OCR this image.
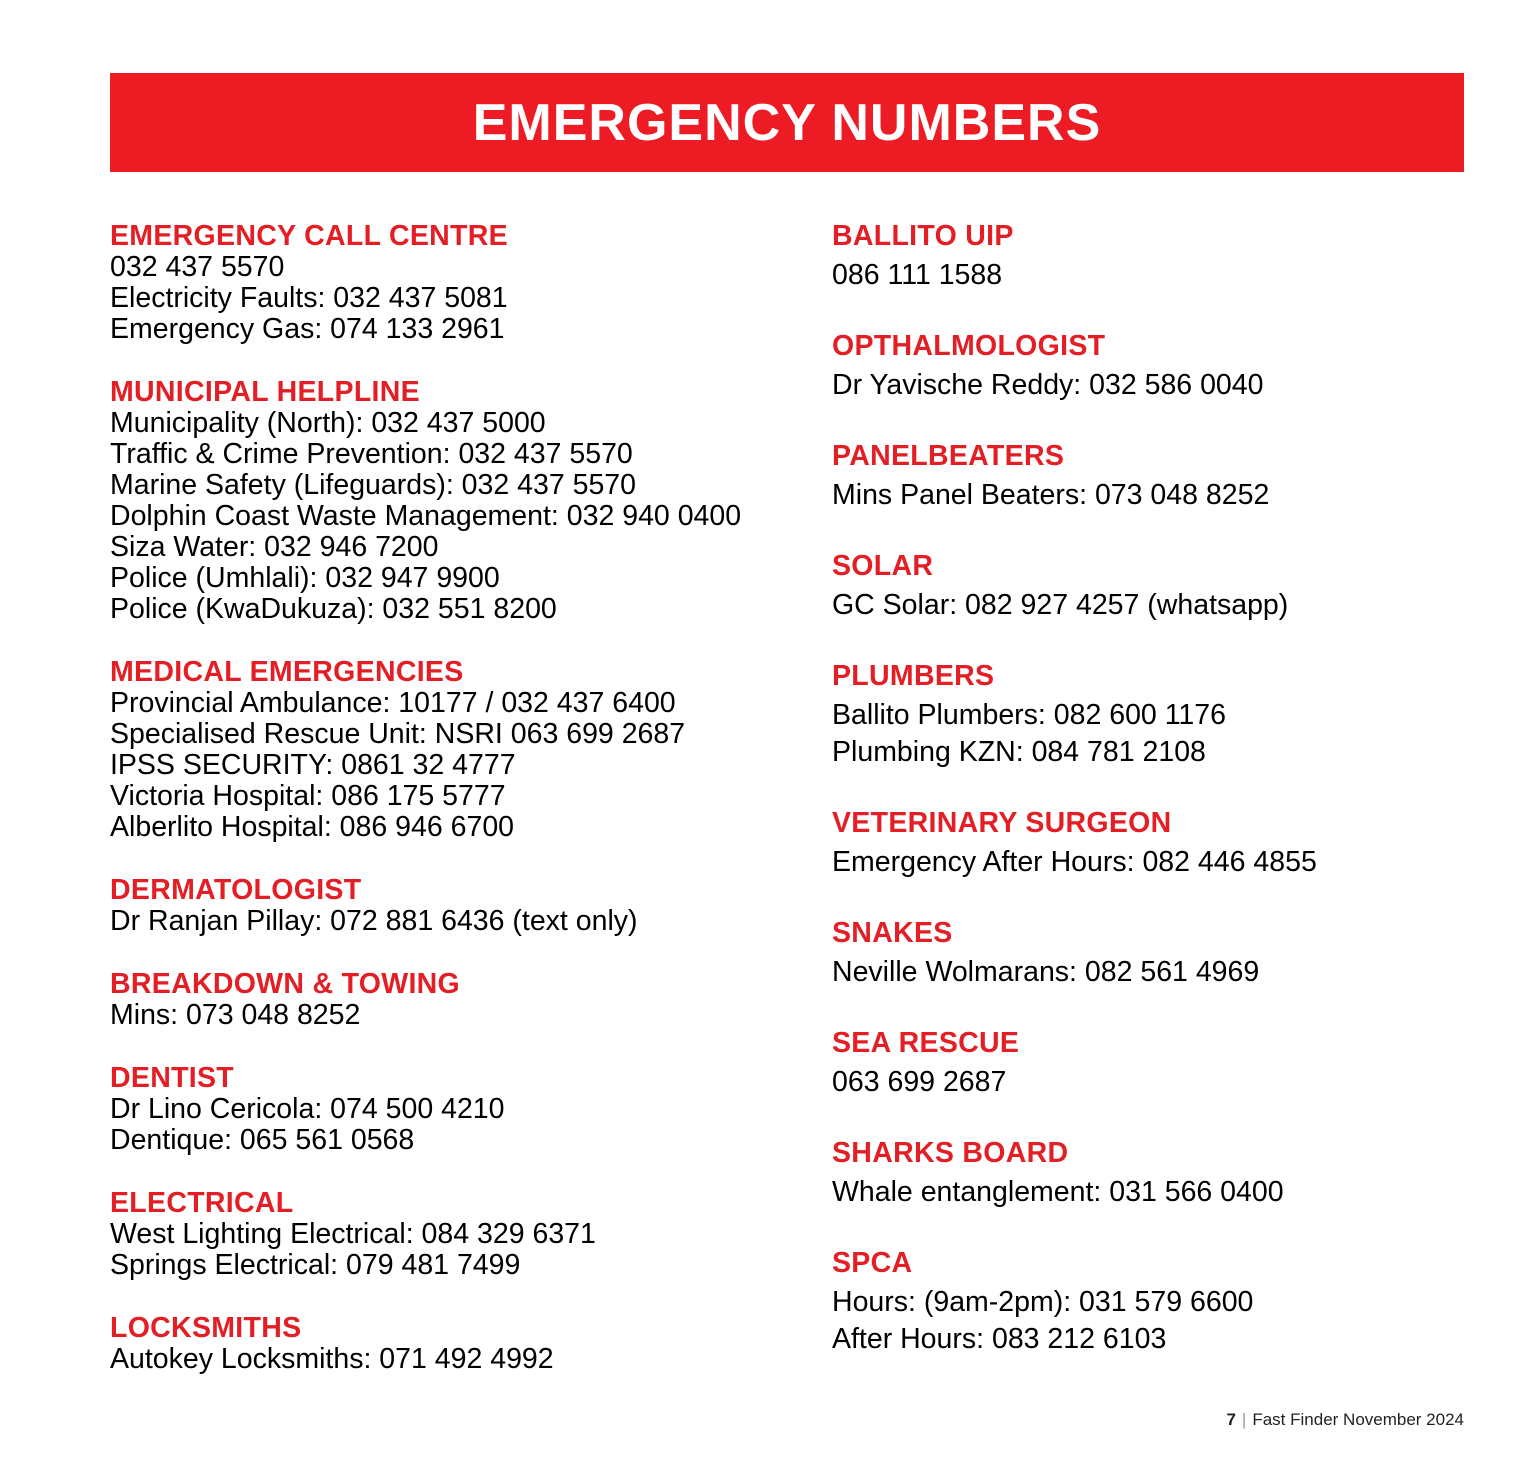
EMERGENCY NUMBERS
EMERGENCY CALL CENTRE
032 437 5570
Electricity Faults: 032 437 5081
Emergency Gas: 074 133 2961
MUNICIPAL HELPLINE
Municipality (North): 032 437 5000
Traffic & Crime Prevention: 032 437 5570
Marine Safety (Lifeguards): 032 437 5570
Dolphin Coast Waste Management: 032 940 0400
Siza Water: 032 946 7200
Police (Umhlali): 032 947 9900
Police (KwaDukuza): 032 551 8200
MEDICAL EMERGENCIES
Provincial Ambulance: 10177 / 032 437 6400
Specialised Rescue Unit: NSRI 063 699 2687
IPSS SECURITY: 0861 32 4777
Victoria Hospital: 086 175 5777
Alberlito Hospital: 086 946 6700
DERMATOLOGIST
Dr Ranjan Pillay: 072 881 6436 (text only)
BREAKDOWN & TOWING
Mins: 073 048 8252
DENTIST
Dr Lino Cericola: 074 500 4210
Dentique: 065 561 0568
ELECTRICAL
West Lighting Electrical: 084 329 6371
Springs Electrical: 079 481 7499
LOCKSMITHS
Autokey Locksmiths: 071 492 4992
BALLITO UIP
086 111 1588
OPTHALMOLOGIST
Dr Yavische Reddy: 032 586 0040
PANELBEATERS
Mins Panel Beaters: 073 048 8252
SOLAR
GC Solar: 082 927 4257 (whatsapp)
PLUMBERS
Ballito Plumbers: 082 600 1176
Plumbing KZN: 084 781 2108
VETERINARY SURGEON
Emergency After Hours: 082 446 4855
SNAKES
Neville Wolmarans: 082 561 4969
SEA RESCUE
063 699 2687
SHARKS BOARD
Whale entanglement: 031 566 0400
SPCA
Hours: (9am-2pm): 031 579 6600
After Hours: 083 212 6103
7 | Fast Finder November 2024
